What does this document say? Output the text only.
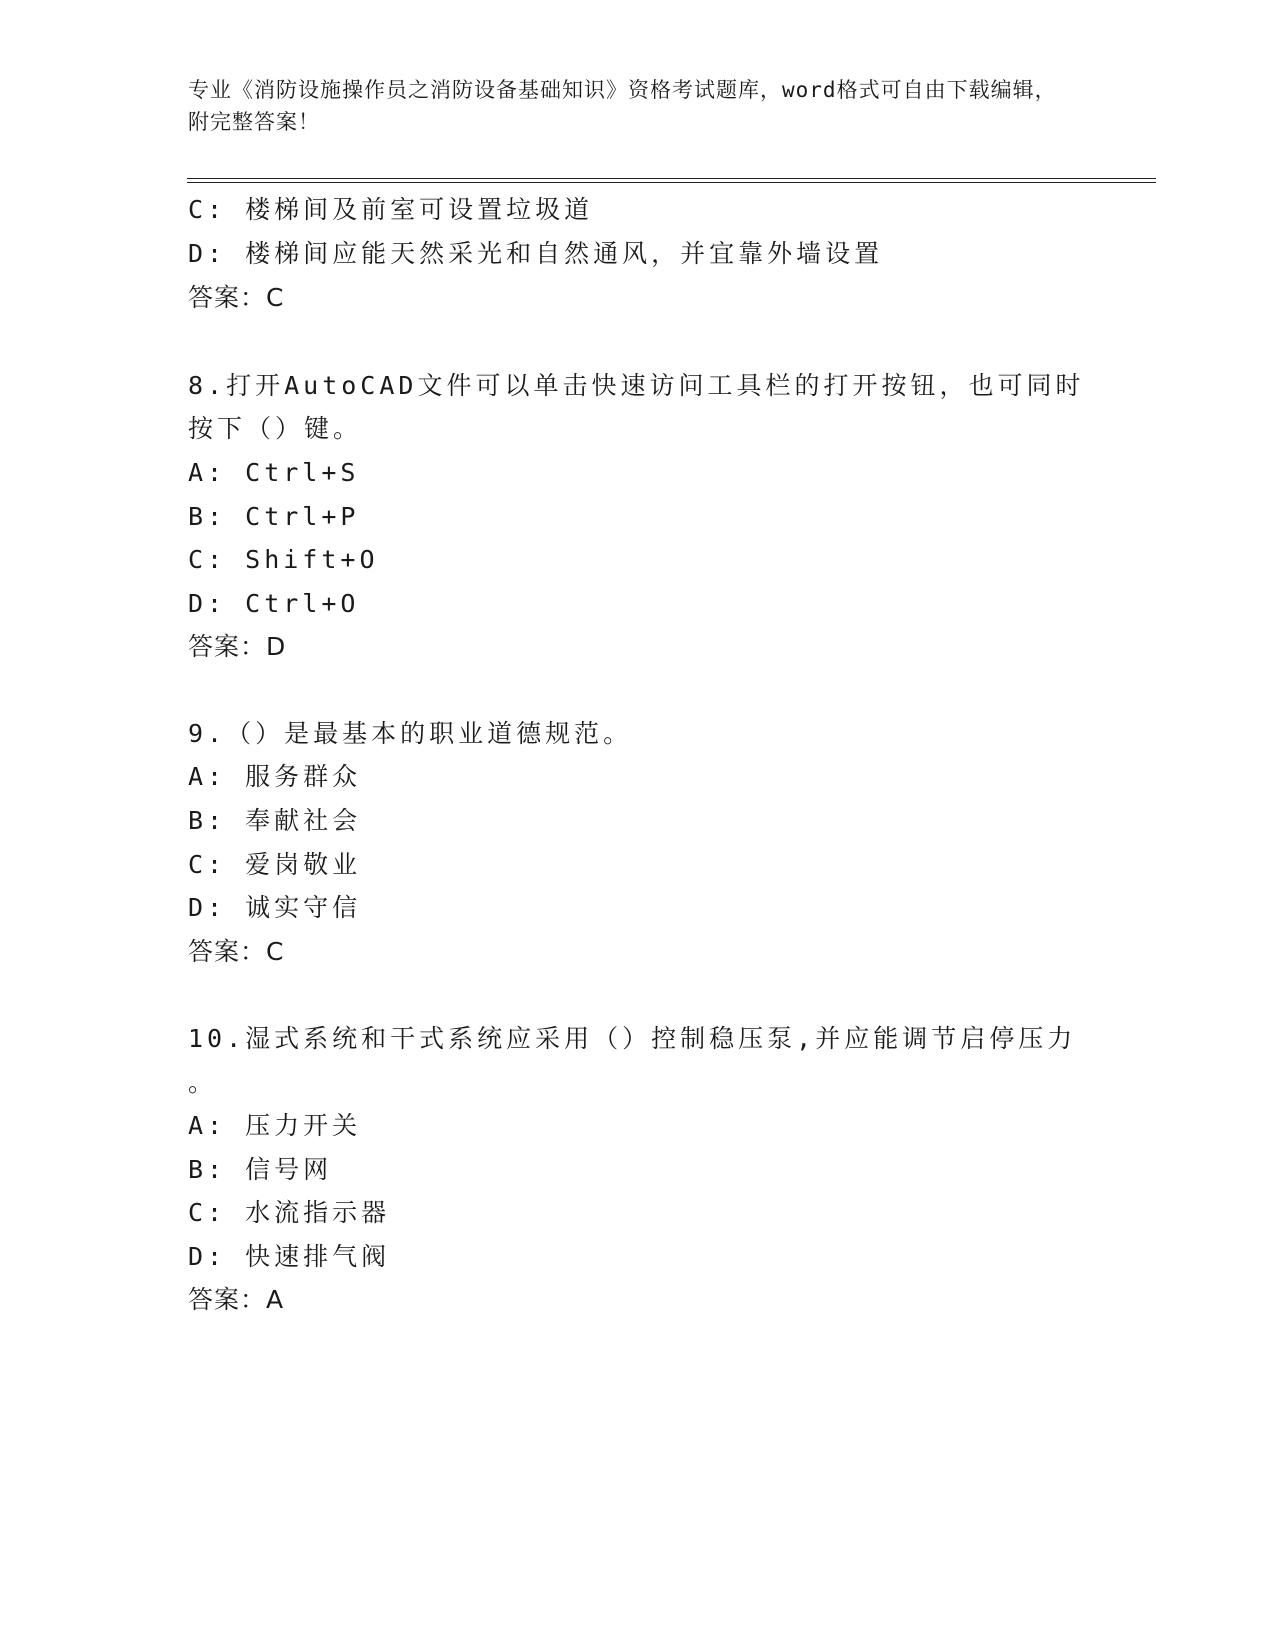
专业《消防设施操作员之消防设备基础知识》资格考试题库，word格式可自由下载编辑，附完整答案！
C: 楼梯间及前室可设置垃圾道
D: 楼梯间应能天然采光和自然通风，并宜靠外墙设置
答案：C
8.打开AutoCAD文件可以单击快速访问工具栏的打开按钮，也可同时
按下（）键。
A: Ctrl+S
B: Ctrl+P
C: Shift+O
D: Ctrl+O
答案：D
9.（）是最基本的职业道德规范。
A: 服务群众
B: 奉献社会
C: 爱岗敬业
D: 诚实守信
答案：C
10.湿式系统和干式系统应采用（）控制稳压泵,并应能调节启停压力
。
A: 压力开关
B: 信号网
C: 水流指示器
D: 快速排气阀
答案：A
